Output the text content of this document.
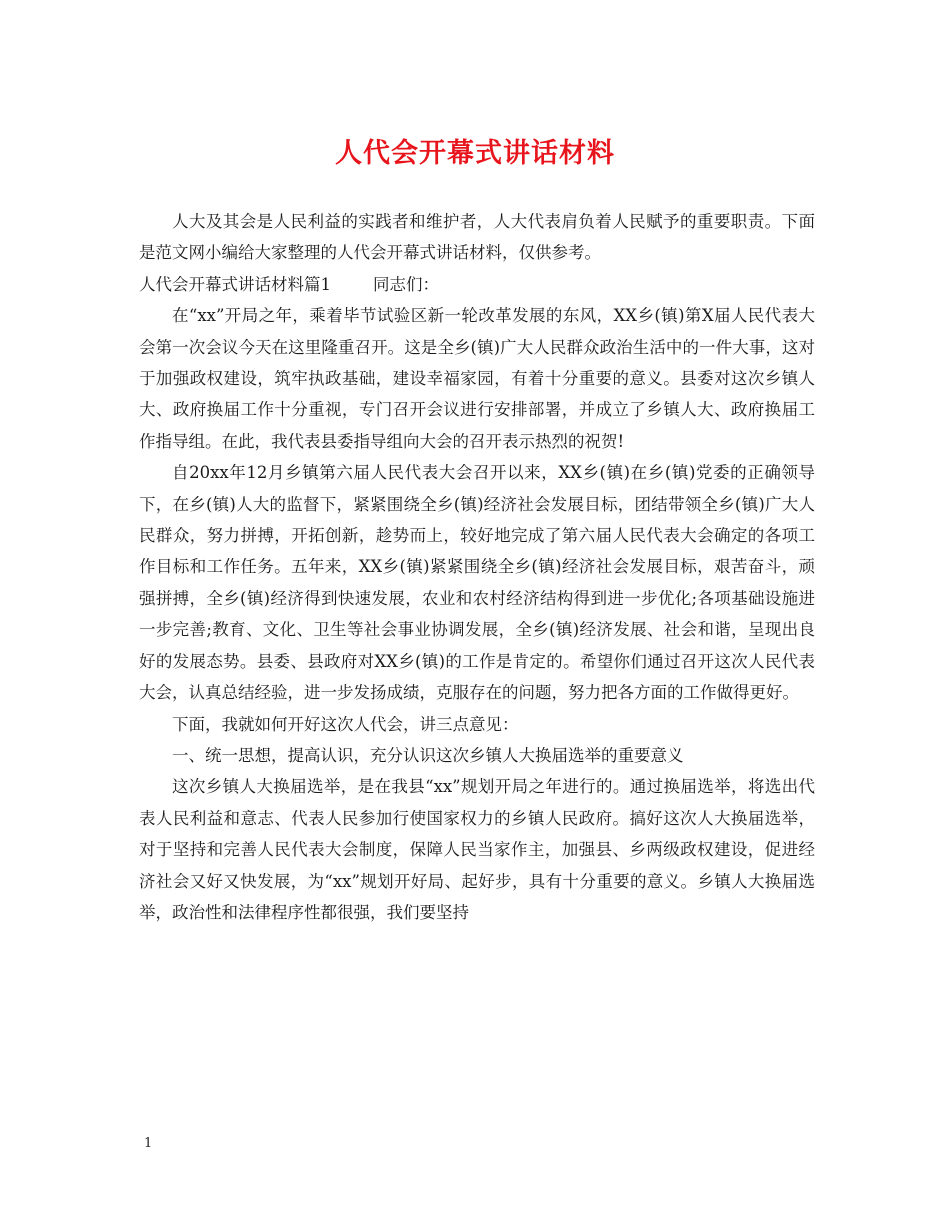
人代会开幕式讲话材料

人大及其会是人民利益的实践者和维护者，人大代表肩负着人民赋予的重要职责。下面是范文网小编给大家整理的人代会开幕式讲话材料，仅供参考。

人代会开幕式讲话材料篇1	同志们：

在“xx”开局之年，乘着毕节试验区新一轮改革发展的东风，XX乡(镇)第X届人民代表大会第一次会议今天在这里隆重召开。这是全乡(镇)广大人民群众政治生活中的一件大事，这对于加强政权建设，筑牢执政基础，建设幸福家园，有着十分重要的意义。县委对这次乡镇人大、政府换届工作十分重视，专门召开会议进行安排部署，并成立了乡镇人大、政府换届工作指导组。在此，我代表县委指导组向大会的召开表示热烈的祝贺!

自20xx年12月乡镇第六届人民代表大会召开以来，XX乡(镇)在乡(镇)党委的正确领导下，在乡(镇)人大的监督下，紧紧围绕全乡(镇)经济社会发展目标，团结带领全乡(镇)广大人民群众，努力拼搏，开拓创新，趁势而上，较好地完成了第六届人民代表大会确定的各项工作目标和工作任务。五年来，XX乡(镇)紧紧围绕全乡(镇)经济社会发展目标，艰苦奋斗，顽强拼搏，全乡(镇)经济得到快速发展，农业和农村经济结构得到进一步优化;各项基础设施进一步完善;教育、文化、卫生等社会事业协调发展，全乡(镇)经济发展、社会和谐，呈现出良好的发展态势。县委、县政府对XX乡(镇)的工作是肯定的。希望你们通过召开这次人民代表大会，认真总结经验，进一步发扬成绩，克服存在的问题，努力把各方面的工作做得更好。

下面，我就如何开好这次人代会，讲三点意见：

一、统一思想，提高认识，充分认识这次乡镇人大换届选举的重要意义

这次乡镇人大换届选举，是在我县“xx”规划开局之年进行的。通过换届选举，将选出代表人民利益和意志、代表人民参加行使国家权力的乡镇人民政府。搞好这次人大换届选举，对于坚持和完善人民代表大会制度，保障人民当家作主，加强县、乡两级政权建设，促进经济社会又好又快发展，为“xx”规划开好局、起好步，具有十分重要的意义。乡镇人大换届选举，政治性和法律程序性都很强，我们要坚持

1
